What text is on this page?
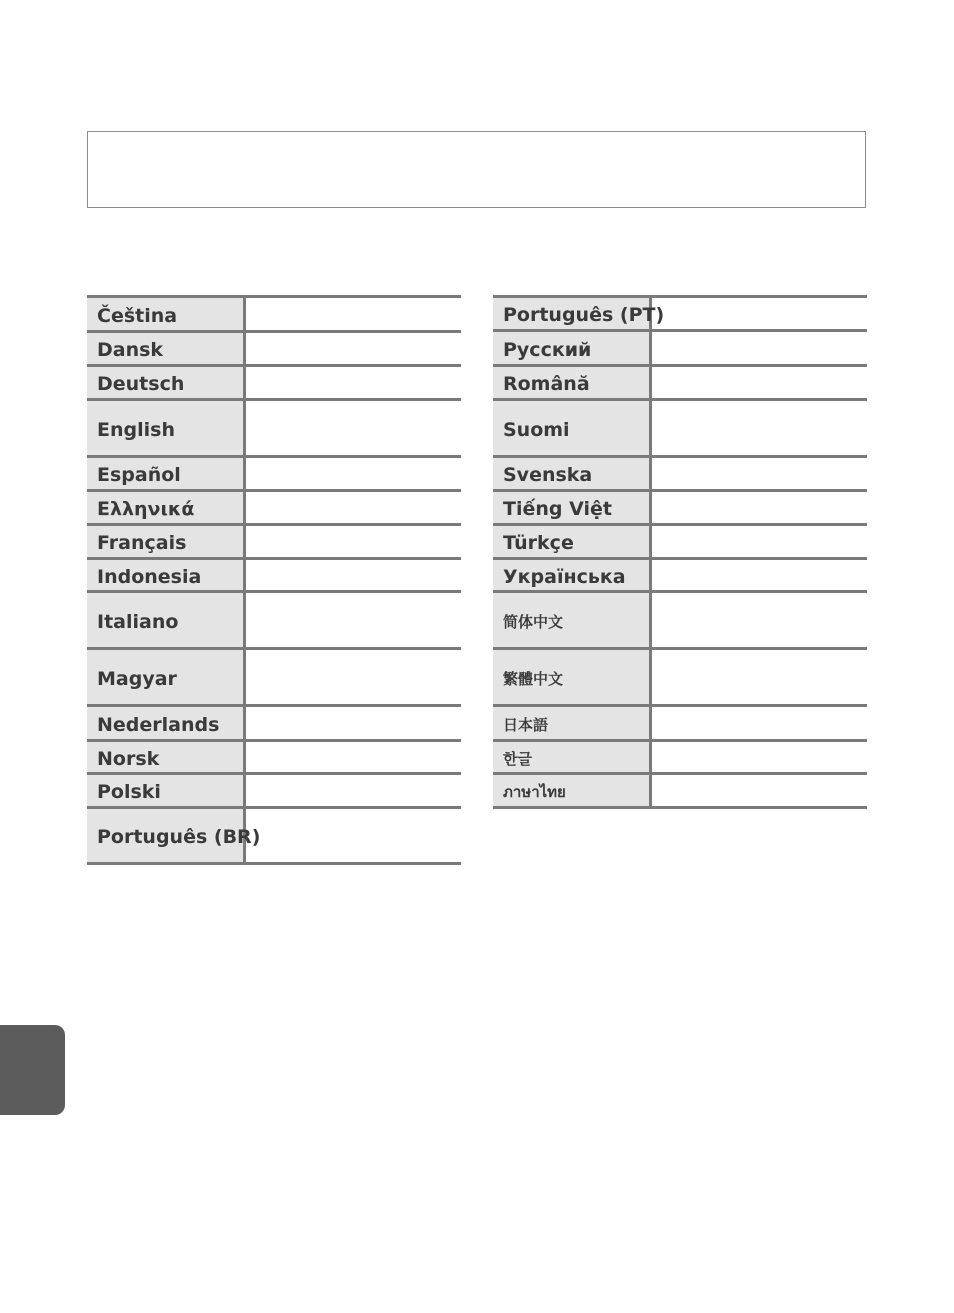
Čeština	
Dansk	
Deutsch	
English	
Español	
Ελληνικά	
Français	
Indonesia	
Italiano	
Magyar	
Nederlands	
Norsk	
Polski	
Português (BR)	
Português (PT)	
Русский	
Română	
Suomi	
Svenska	
Tiếng Việt	
Türkçe	
Українська	
简体中文	
繁體中文	
日本語	
한글	
ภาษาไทย	
